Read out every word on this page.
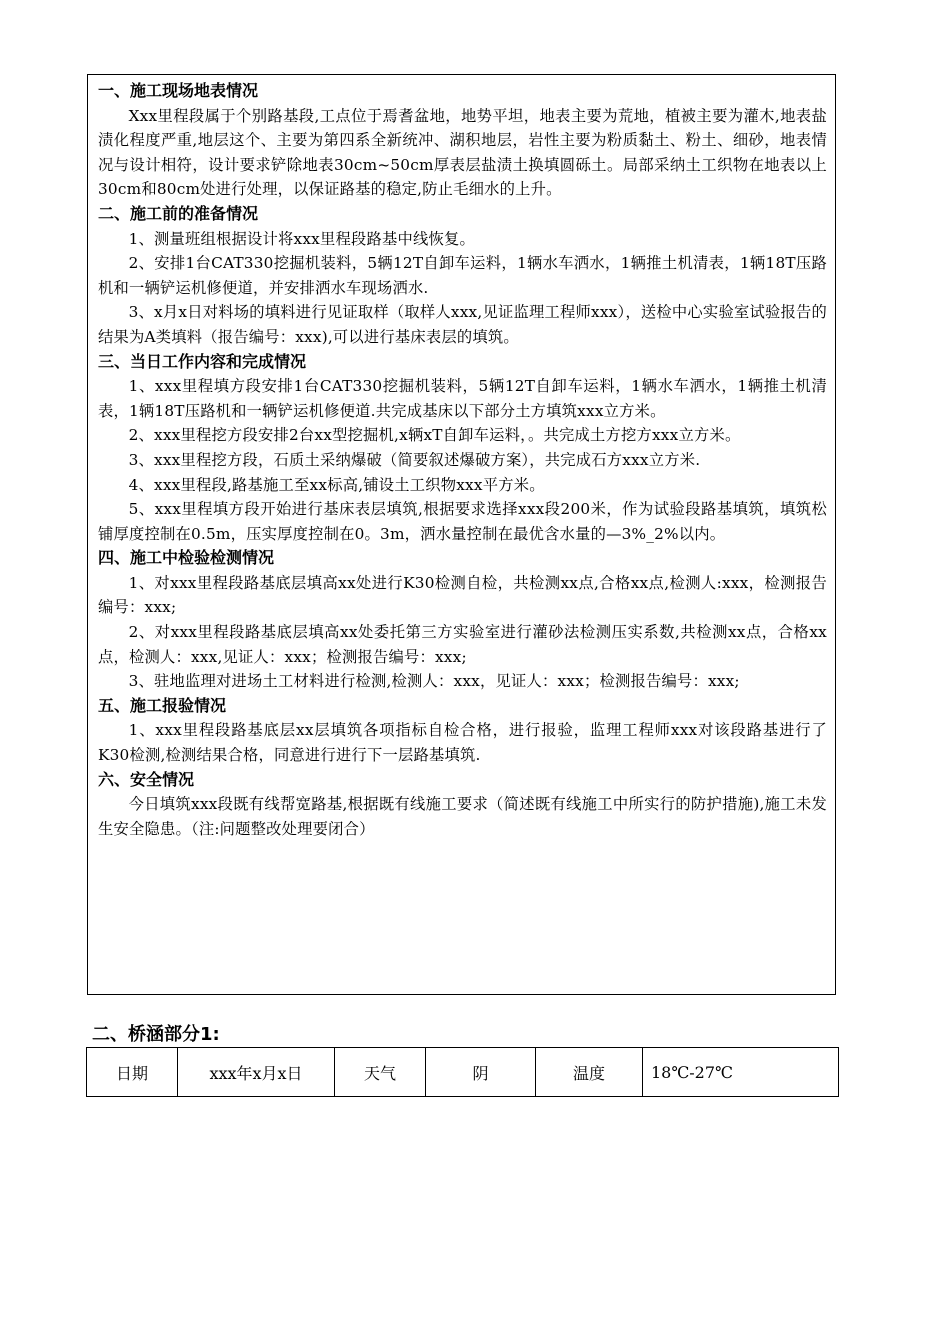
一、施工现场地表情况

Xxx里程段属于个别路基段,工点位于焉耆盆地，地势平坦，地表主要为荒地，植被主要为灌木,地表盐渍化程度严重,地层这个、主要为第四系全新统冲、湖积地层，岩性主要为粉质黏土、粉土、细砂，地表情况与设计相符，设计要求铲除地表30cm~50cm厚表层盐渍土换填圆砾土。局部采纳土工织物在地表以上30cm和80cm处进行处理，以保证路基的稳定,防止毛细水的上升。

二、施工前的准备情况

1、测量班组根据设计将xxx里程段路基中线恢复。

2、安排1台CAT330挖掘机装料，5辆12T自卸车运料，1辆水车洒水，1辆推土机清表，1辆18T压路机和一辆铲运机修便道，并安排洒水车现场洒水.

3、x月x日对料场的填料进行见证取样（取样人xxx,见证监理工程师xxx），送检中心实验室试验报告的结果为A类填料（报告编号：xxx),可以进行基床表层的填筑。

三、当日工作内容和完成情况

1、xxx里程填方段安排1台CAT330挖掘机装料，5辆12T自卸车运料，1辆水车洒水，1辆推土机清表，1辆18T压路机和一辆铲运机修便道.共完成基床以下部分土方填筑xxx立方米。

2、xxx里程挖方段安排2台xx型挖掘机,x辆xT自卸车运料，。共完成土方挖方xxx立方米。

3、xxx里程挖方段，石质土采纳爆破（简要叙述爆破方案），共完成石方xxx立方米.

4、xxx里程段,路基施工至xx标高,铺设土工织物xxx平方米。

5、xxx里程填方段开始进行基床表层填筑,根据要求选择xxx段200米，作为试验段路基填筑，填筑松铺厚度控制在0.5m，压实厚度控制在0。3m，洒水量控制在最优含水量的—3%_2%以内。

四、施工中检验检测情况

1、对xxx里程段路基底层填高xx处进行K30检测自检，共检测xx点,合格xx点,检测人:xxx，检测报告编号：xxx;

2、对xxx里程段路基底层填高xx处委托第三方实验室进行灌砂法检测压实系数,共检测xx点，合格xx点，检测人：xxx,见证人：xxx；检测报告编号：xxx;

3、驻地监理对进场土工材料进行检测,检测人：xxx，见证人：xxx；检测报告编号：xxx;

五、施工报验情况

1、xxx里程段路基底层xx层填筑各项指标自检合格，进行报验，监理工程师xxx对该段路基进行了K30检测,检测结果合格，同意进行进行下一层路基填筑.

六、安全情况

今日填筑xxx段既有线帮宽路基,根据既有线施工要求（简述既有线施工中所实行的防护措施),施工未发生安全隐患。（注:问题整改处理要闭合）

二、桥涵部分1:
日期	xxx年x月x日	天气	阴	温度	18℃-27℃
